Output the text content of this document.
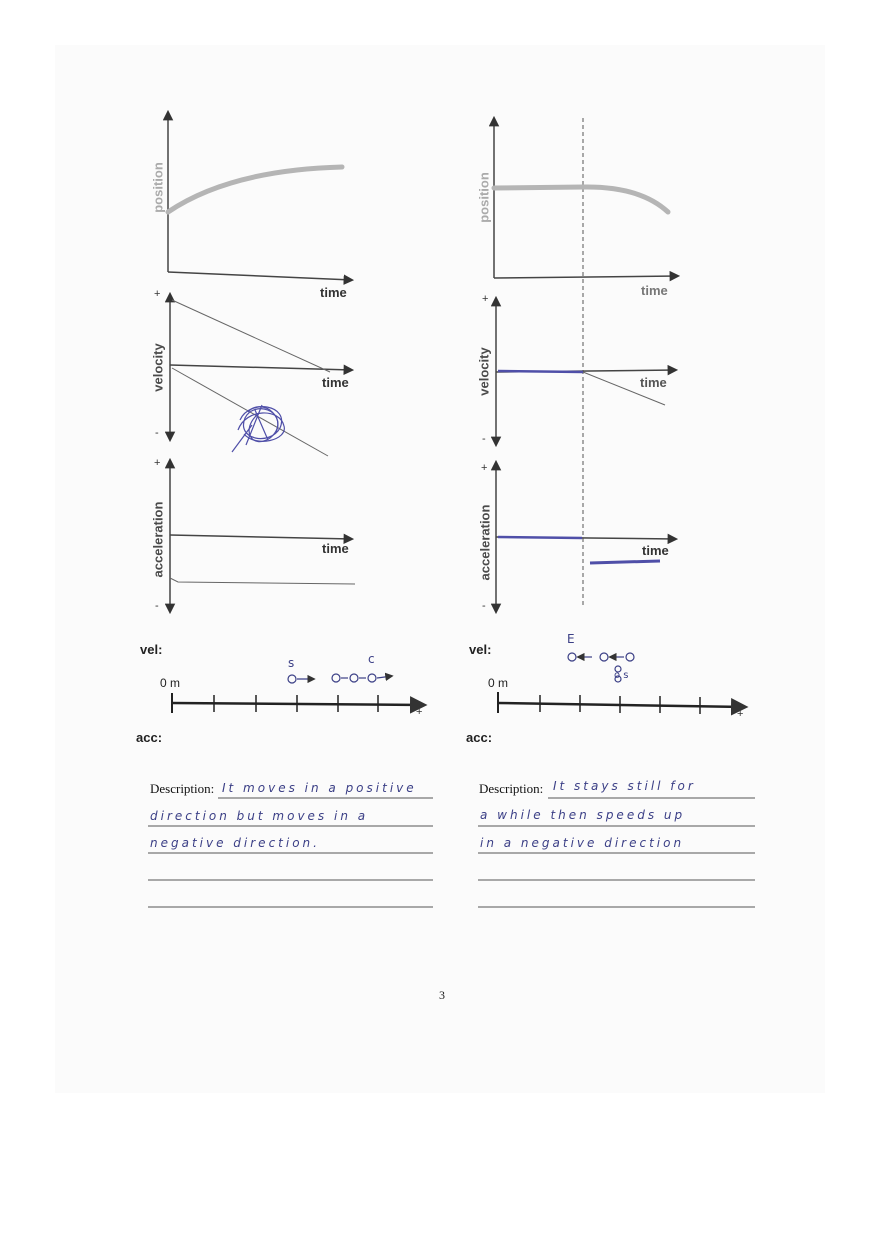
position
time
+
velocity
-
time
+
acceleration
-
time
vel:
0 m
+
s	c
acc:
Description: It moves in a positive
direction but moves in a
negative direction.
position
time
+
velocity
-
time
+
acceleration
-
time
vel:
0 m
+
E
o s
acc:
Description: It stays still for
a while then speeds up
in a negative direction
3
